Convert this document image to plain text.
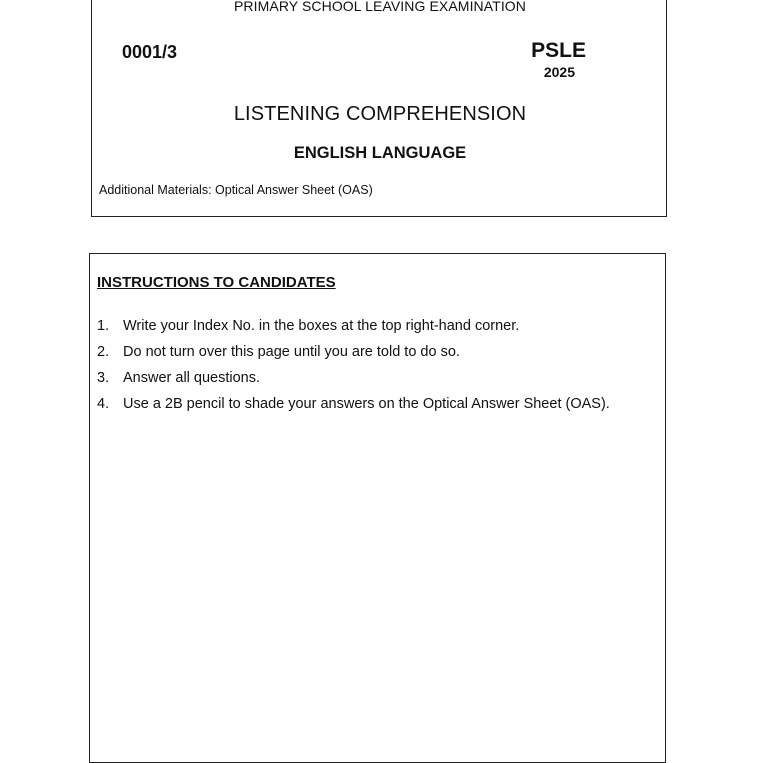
PRIMARY SCHOOL LEAVING EXAMINATION
0001/3	PSLE
2025
LISTENING COMPREHENSION
ENGLISH LANGUAGE
Additional Materials: Optical Answer Sheet (OAS)
INSTRUCTIONS TO CANDIDATES
1. Write your Index No. in the boxes at the top right-hand corner.
2. Do not turn over this page until you are told to do so.
3. Answer all questions.
4. Use a 2B pencil to shade your answers on the Optical Answer Sheet (OAS).
